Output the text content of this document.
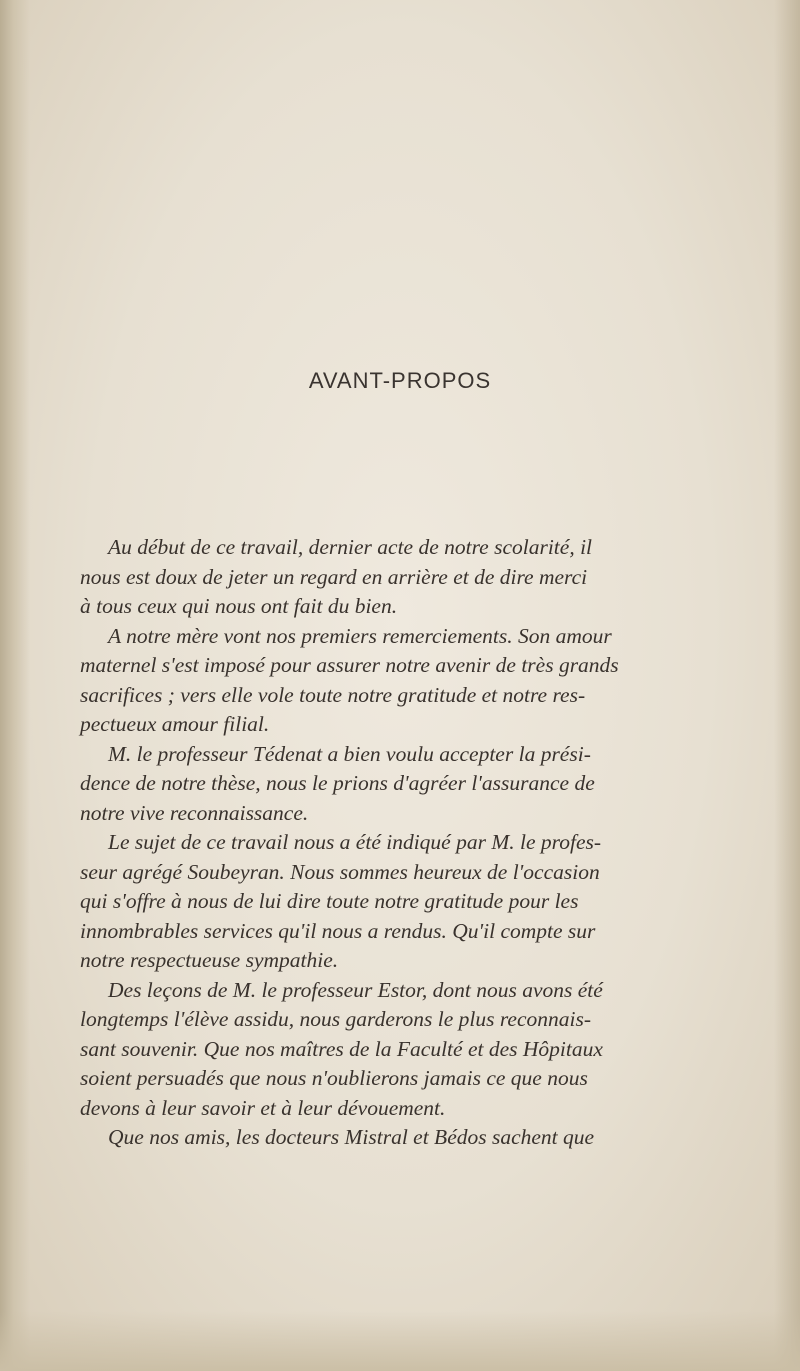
AVANT-PROPOS
Au début de ce travail, dernier acte de notre scolarité, il
nous est doux de jeter un regard en arrière et de dire merci
à tous ceux qui nous ont fait du bien.
A notre mère vont nos premiers remerciements. Son amour
maternel s'est imposé pour assurer notre avenir de très grands
sacrifices ; vers elle vole toute notre gratitude et notre res-
pectueux amour filial.
M. le professeur Tédenat a bien voulu accepter la prési-
dence de notre thèse, nous le prions d'agréer l'assurance de
notre vive reconnaissance.
Le sujet de ce travail nous a été indiqué par M. le profes-
seur agrégé Soubeyran. Nous sommes heureux de l'occasion
qui s'offre à nous de lui dire toute notre gratitude pour les
innombrables services qu'il nous a rendus. Qu'il compte sur
notre respectueuse sympathie.
Des leçons de M. le professeur Estor, dont nous avons été
longtemps l'élève assidu, nous garderons le plus reconnais-
sant souvenir. Que nos maîtres de la Faculté et des Hôpitaux
soient persuadés que nous n'oublierons jamais ce que nous
devons à leur savoir et à leur dévouement.
Que nos amis, les docteurs Mistral et Bédos sachent que
